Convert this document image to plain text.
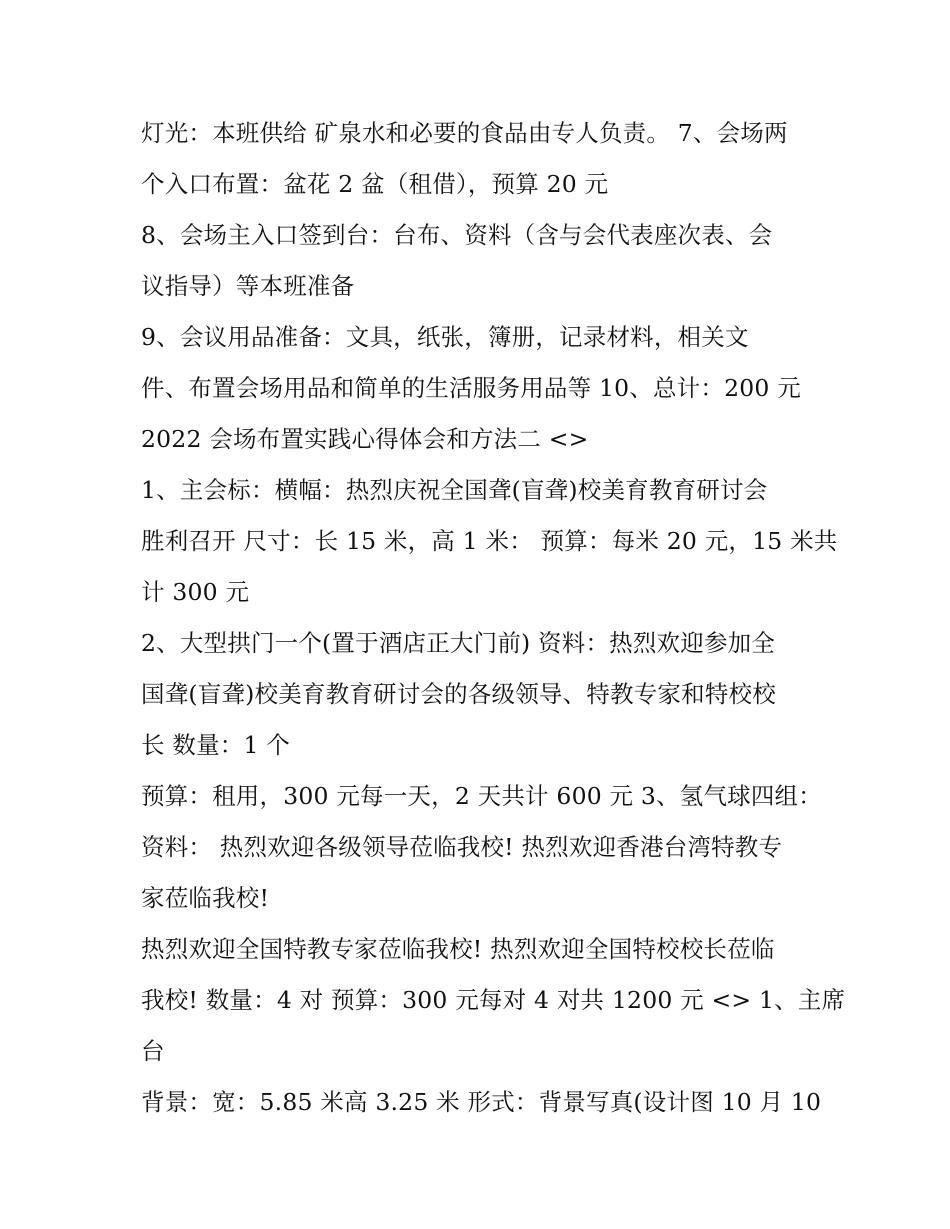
灯光：本班供给 矿泉水和必要的食品由专人负责。 7、会场两
个入口布置：盆花 2 盆（租借），预算 20 元
8、会场主入口签到台：台布、资料（含与会代表座次表、会
议指导）等本班准备
9、会议用品准备：文具，纸张，簿册，记录材料，相关文
件、布置会场用品和简单的生活服务用品等 10、总计：200 元
2022 会场布置实践心得体会和方法二 <>
1、主会标：横幅：热烈庆祝全国聋(盲聋)校美育教育研讨会
胜利召开 尺寸：长 15 米，高 1 米： 预算：每米 20 元，15 米共
计 300 元
2、大型拱门一个(置于酒店正大门前) 资料：热烈欢迎参加全
国聋(盲聋)校美育教育研讨会的各级领导、特教专家和特校校
长 数量：1 个
预算：租用，300 元每一天，2 天共计 600 元 3、氢气球四组：
资料： 热烈欢迎各级领导莅临我校! 热烈欢迎香港台湾特教专
家莅临我校!
热烈欢迎全国特教专家莅临我校! 热烈欢迎全国特校校长莅临
我校! 数量：4 对 预算：300 元每对 4 对共 1200 元 <> 1、主席
台
背景：宽：5.85 米高 3.25 米 形式：背景写真(设计图 10 月 10
